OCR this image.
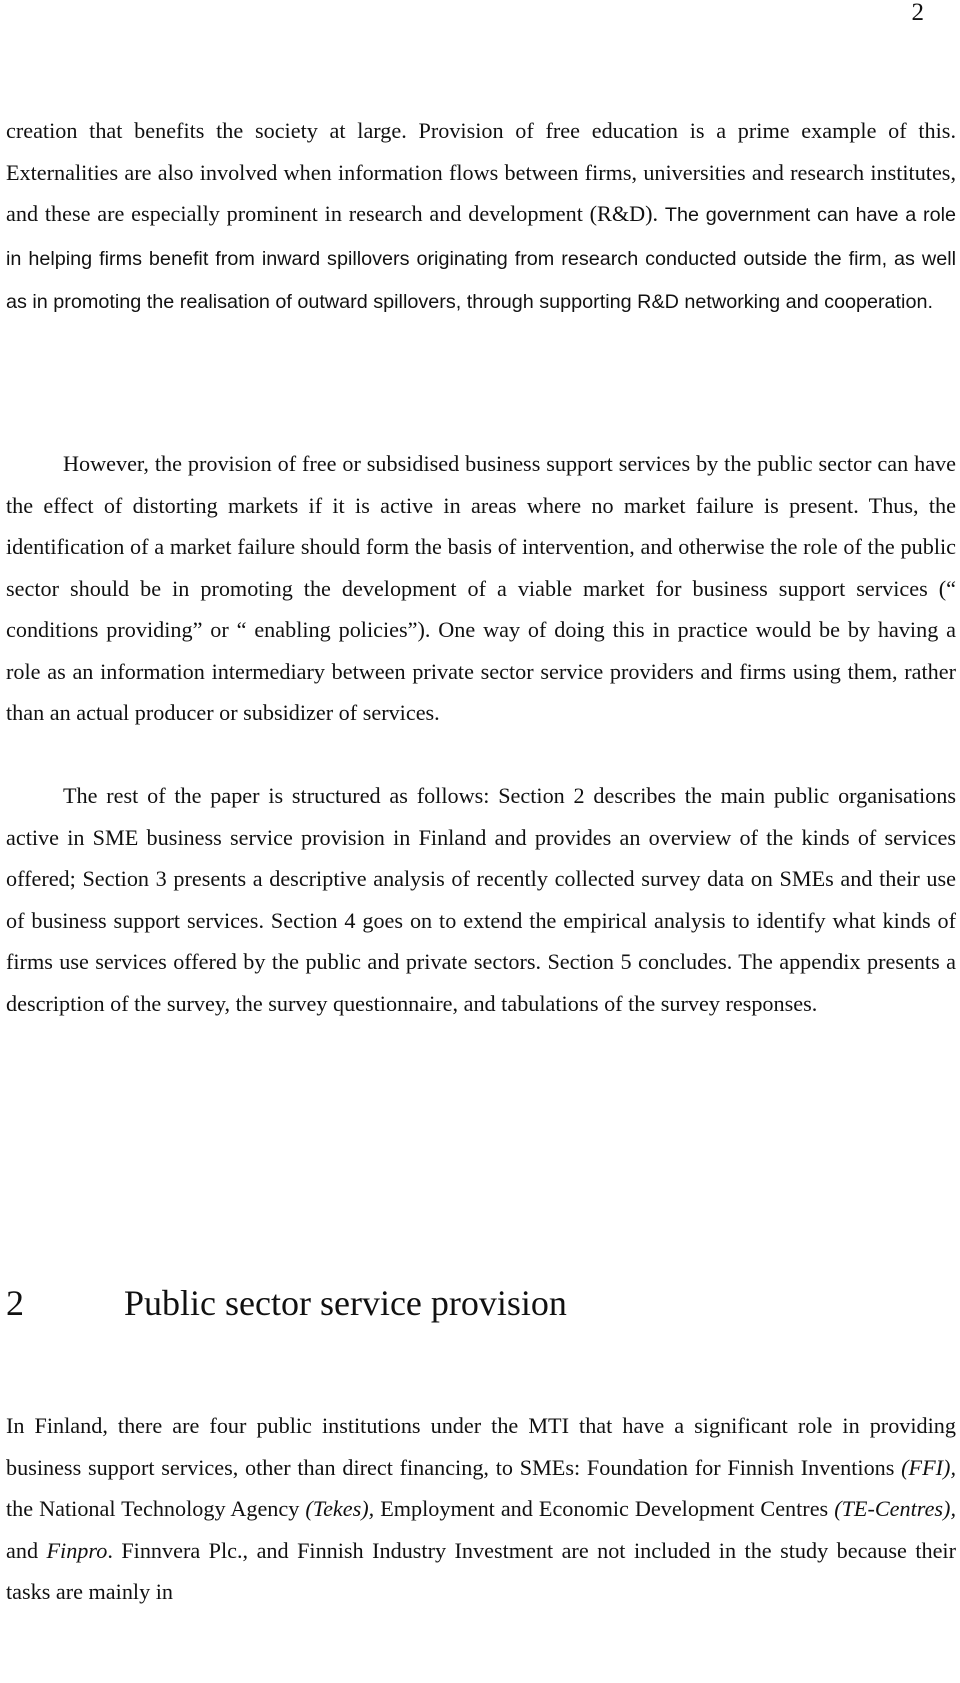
2

creation that benefits the society at large. Provision of free education is a prime example of this. Externalities are also involved when information flows between firms, universities and research institutes, and these are especially prominent in research and development (R&D). The government can have a role in helping firms benefit from inward spillovers originating from research conducted outside the firm, as well as in promoting the realisation of outward spillovers, through supporting R&D networking and cooperation.

However, the provision of free or subsidised business support services by the public sector can have the effect of distorting markets if it is active in areas where no market failure is present. Thus, the identification of a market failure should form the basis of intervention, and otherwise the role of the public sector should be in promoting the development of a viable market for business support services (“ conditions providing” or “ enabling policies”). One way of doing this in practice would be by having a role as an information intermediary between private sector service providers and firms using them, rather than an actual producer or subsidizer of services.

The rest of the paper is structured as follows: Section 2 describes the main public organisations active in SME business service provision in Finland and provides an overview of the kinds of services offered; Section 3 presents a descriptive analysis of recently collected survey data on SMEs and their use of business support services. Section 4 goes on to extend the empirical analysis to identify what kinds of firms use services offered by the public and private sectors. Section 5 concludes. The appendix presents a description of the survey, the survey questionnaire, and tabulations of the survey responses.

2	Public sector service provision

In Finland, there are four public institutions under the MTI that have a significant role in providing business support services, other than direct financing, to SMEs: Foundation for Finnish Inventions (FFI), the National Technology Agency (Tekes), Employment and Economic Development Centres (TE-Centres), and Finpro. Finnvera Plc., and Finnish Industry Investment are not included in the study because their tasks are mainly in
